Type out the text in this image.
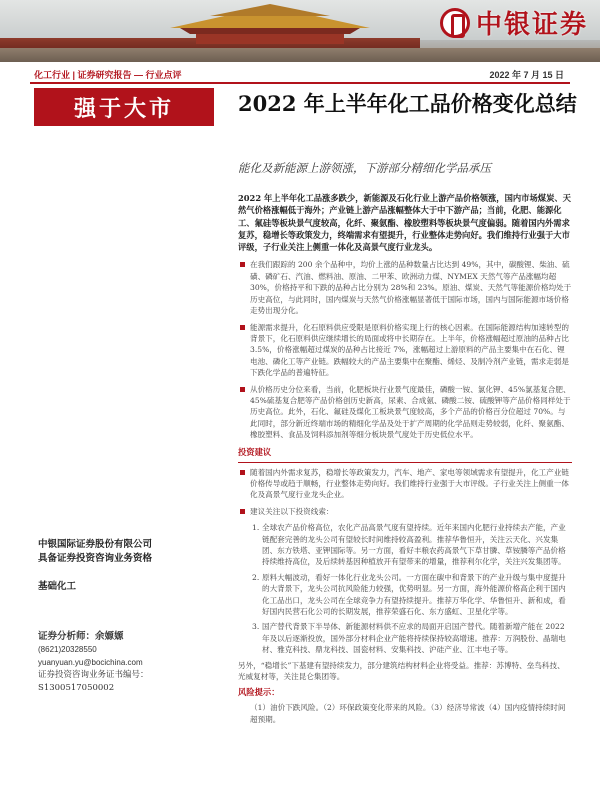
中银证券
化工行业 | 证券研究报告 — 行业点评	2022 年 7 月 15 日
强于大市
中银国际证券股份有限公司
具备证券投资咨询业务资格
基础化工
证券分析师：余嫄嫄
(8621)20328550
yuanyuan.yu@bocichina.com
证券投资咨询业务证书编号：S1300517050002
2022 年上半年化工品价格变化总结
能化及新能源上游领涨，下游部分精细化学品承压
2022 年上半年化工品涨多跌少，新能源及石化行业上游产品价格领涨，国内市场煤炭、天然气价格涨幅低于海外；产业链上游产品涨幅整体大于中下游产品；当前，化肥、能源化工、氟硅等板块景气度较高，化纤、聚氨酯、橡胶塑料等板块景气度偏弱。随着国内外需求复苏，稳增长等政策发力，终端需求有望提升，行业整体走势向好。我们维持行业强于大市评级，子行业关注上侧重一体化及高景气度行业龙头。
在我们跟踪的 200 余个品种中，均价上涨的品种数量占比达到 49%，其中，碳酸锂、柴油、硫磺、磷矿石、汽油、燃料油、原油、二甲苯、欧洲动力煤、NYMEX 天然气等产品涨幅均超 30%，价格持平和下跌的品种占比分别为 28%和 23%。原油、煤炭、天然气等能源价格均处于历史高位，与此同时，国内煤炭与天然气价格涨幅显著低于国际市场，国内与国际能源市场价格走势出现分化。
能源需求提升，化石原料供应受限是原料价格实现上行的核心因素。在国际能源结构加速转型的背景下，化石原料供应继续增长的局面或将中长期存在。上半年，价格涨幅超过原油的品种占比 3.5%，价格涨幅超过煤炭的品种占比接近 7%，涨幅超过上游原料的产品主要集中在石化、锂电池、磷化工等产业链。跌幅较大的产品主要集中在聚酯、烯烃、及制冷剂产业链，需求走弱是下跌化学品的普遍特征。
从价格历史分位来看，当前，化肥板块行业景气度最佳，磷酸一铵、氯化钾、45%氯基复合肥、45%硫基复合肥等产品价格创历史新高，尿素、合成氨、磷酸二铵、硫酸钾等产品价格同样处于历史高位。此外，石化、氟硅及煤化工板块景气度较高，多个产品的价格百分位超过 70%。与此同时，部分新近终端市场的精细化学品及处于扩产周期的化学品则走势较弱，化纤、聚氨酯、橡胶塑料、食品及饲料添加剂等细分板块景气度处于历史低位水平。
投资建议
随着国内外需求复苏，稳增长等政策发力，汽车、地产、家电等领域需求有望提升，化工产业链价格传导或趋于顺畅，行业整体走势向好。我们维持行业强于大市评级。子行业关注上侧重一体化及高景气度行业龙头企业。
建议关注以下投资线索：
1. 全球农产品价格高位，农化产品高景气度有望持续。近年来国内化肥行业持续去产能，产业链配套完善的龙头公司有望较长时间维持较高盈利。推荐华鲁恒升，关注云天化、兴发集团、东方铁塔、亚钾国际等。另一方面，看好丰粮农药高景气下草甘膦、草铵膦等产品价格持续维持高位，及后续转基因种植放开有望带来的增量，推荐利尔化学，关注兴发集团等。
2. 原料大幅波动，看好一体化行业龙头公司。一方面在碳中和背景下的产业升级与集中度提升的大背景下，龙头公司抗风险能力较强，优势明显。另一方面，海外能源价格高企利于国内化工品出口，龙头公司在全球竞争力有望持续提升。推荐万华化学、华鲁恒升、新和成，看好国内民营石化公司的长期发展，推荐荣盛石化、东方盛虹、卫星化学等。
3. 国产替代背景下半导体、新能源材料供不应求的局面开启国产替代。随着新增产能在 2022 年及以后逐渐投放，国外部分材料企业产能将持续保持较高增速。推荐：万润股份、晶瑞电材、雅克科技、鼎龙科技、国瓷材料、安集科技、沪硅产业、江丰电子等。
另外，“稳增长”下基建有望持续发力，部分建筑结构材料企业将受益。推荐：苏博特、垒鸟科技、光威复材等，关注昆仑集团等。
风险提示：
（1）油价下跌风险。（2）环保政策变化带来的风险。（3）经济导常波（4）国内疫情持续时间超预期。
